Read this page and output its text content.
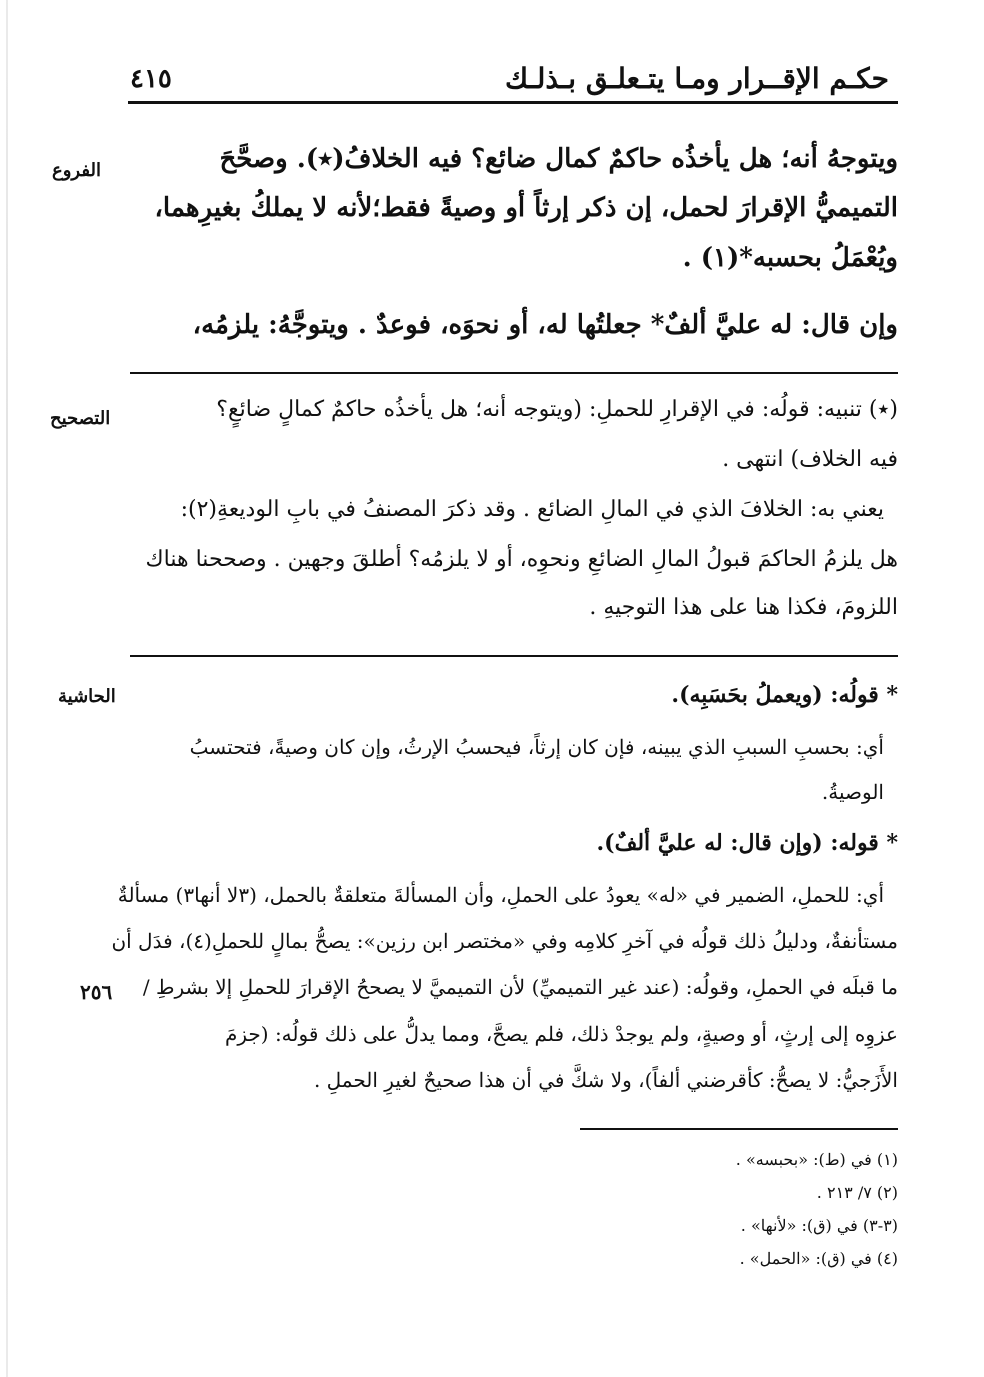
حكـم الإقــرار ومـا يتـعلـق بـذلـك
٤١٥
الفروع	ويتوجهُ أنه؛ هل يأخذُه حاكمٌ كمال ضائع؟ فيه الخلافُ(٭). وصحَّحَ
التميميُّ الإقرارَ لحمل، إن ذكر إرثاً أو وصيةً فقط؛لأنه لا يملكُ بغيرِهما،
ويُعْمَلُ بحسبه*(١) .
وإن قال: له عليَّ ألفٌ* جعلتُها له، أو نحوَه، فوعدٌ . ويتوجَّهُ: يلزمُه،
التصحيح	(٭) تنبيه: قولُه: في الإقرارِ للحملِ: (ويتوجه أنه؛ هل يأخذُه حاكمٌ كمالٍ ضائعٍ؟
فيه الخلاف) انتهى .
يعني به: الخلافَ الذي في المالِ الضائع . وقد ذكرَ المصنفُ في بابِ الوديعةِ(٢):
هل يلزمُ الحاكمَ قبولُ المالِ الضائعِ ونحوِه، أو لا يلزمُه؟ أطلقَ وجهين . وصححنا هناك
اللزومَ، فكذا هنا على هذا التوجيهِ .
الحاشية	* قولُه: (ويعملُ بحَسَبِه).
أي: بحسبِ السببِ الذي يبينه، فإن كان إرثاً، فيحسبُ الإرثُ، وإن كان وصيةً، فتحتسبُ
الوصيةُ.
* قوله: (وإن قال: له عليَّ ألفٌ).
أي: للحملِ، الضمير في «له» يعودُ على الحملِ، وأن المسألةَ متعلقةٌ بالحمل، (٣لا أنها٣) مسألةٌ
مستأنفةٌ، ودليلُ ذلك قولُه في آخرِ كلامِه وفي «مختصر ابن رزين»: يصحُّ بمالٍ للحملِ(٤)، فدَل أن
٢٥٦	ما قبلَه في الحملِ، وقولُه: (عند غير التميميِّ) لأن التميميَّ لا يصححُ الإقرارَ للحملِ إلا بشرطِ /
عزوِه إلى إرثٍ، أو وصيةٍ، ولم يوجدْ ذلك، فلم يصحَّ، ومما يدلُّ على ذلك قولُه: (جزمَ
الأَزَجيُّ: لا يصحُّ: كأقرضني ألفاً)، ولا شكَّ في أن هذا صحيحٌ لغيرِ الحملِ .
(١) في (ط): «بحبسه» .
(٢) ٧/ ٢١٣ .
(٣-٣) في (ق): «لأنها» .
(٤) في (ق): «الحمل» .
